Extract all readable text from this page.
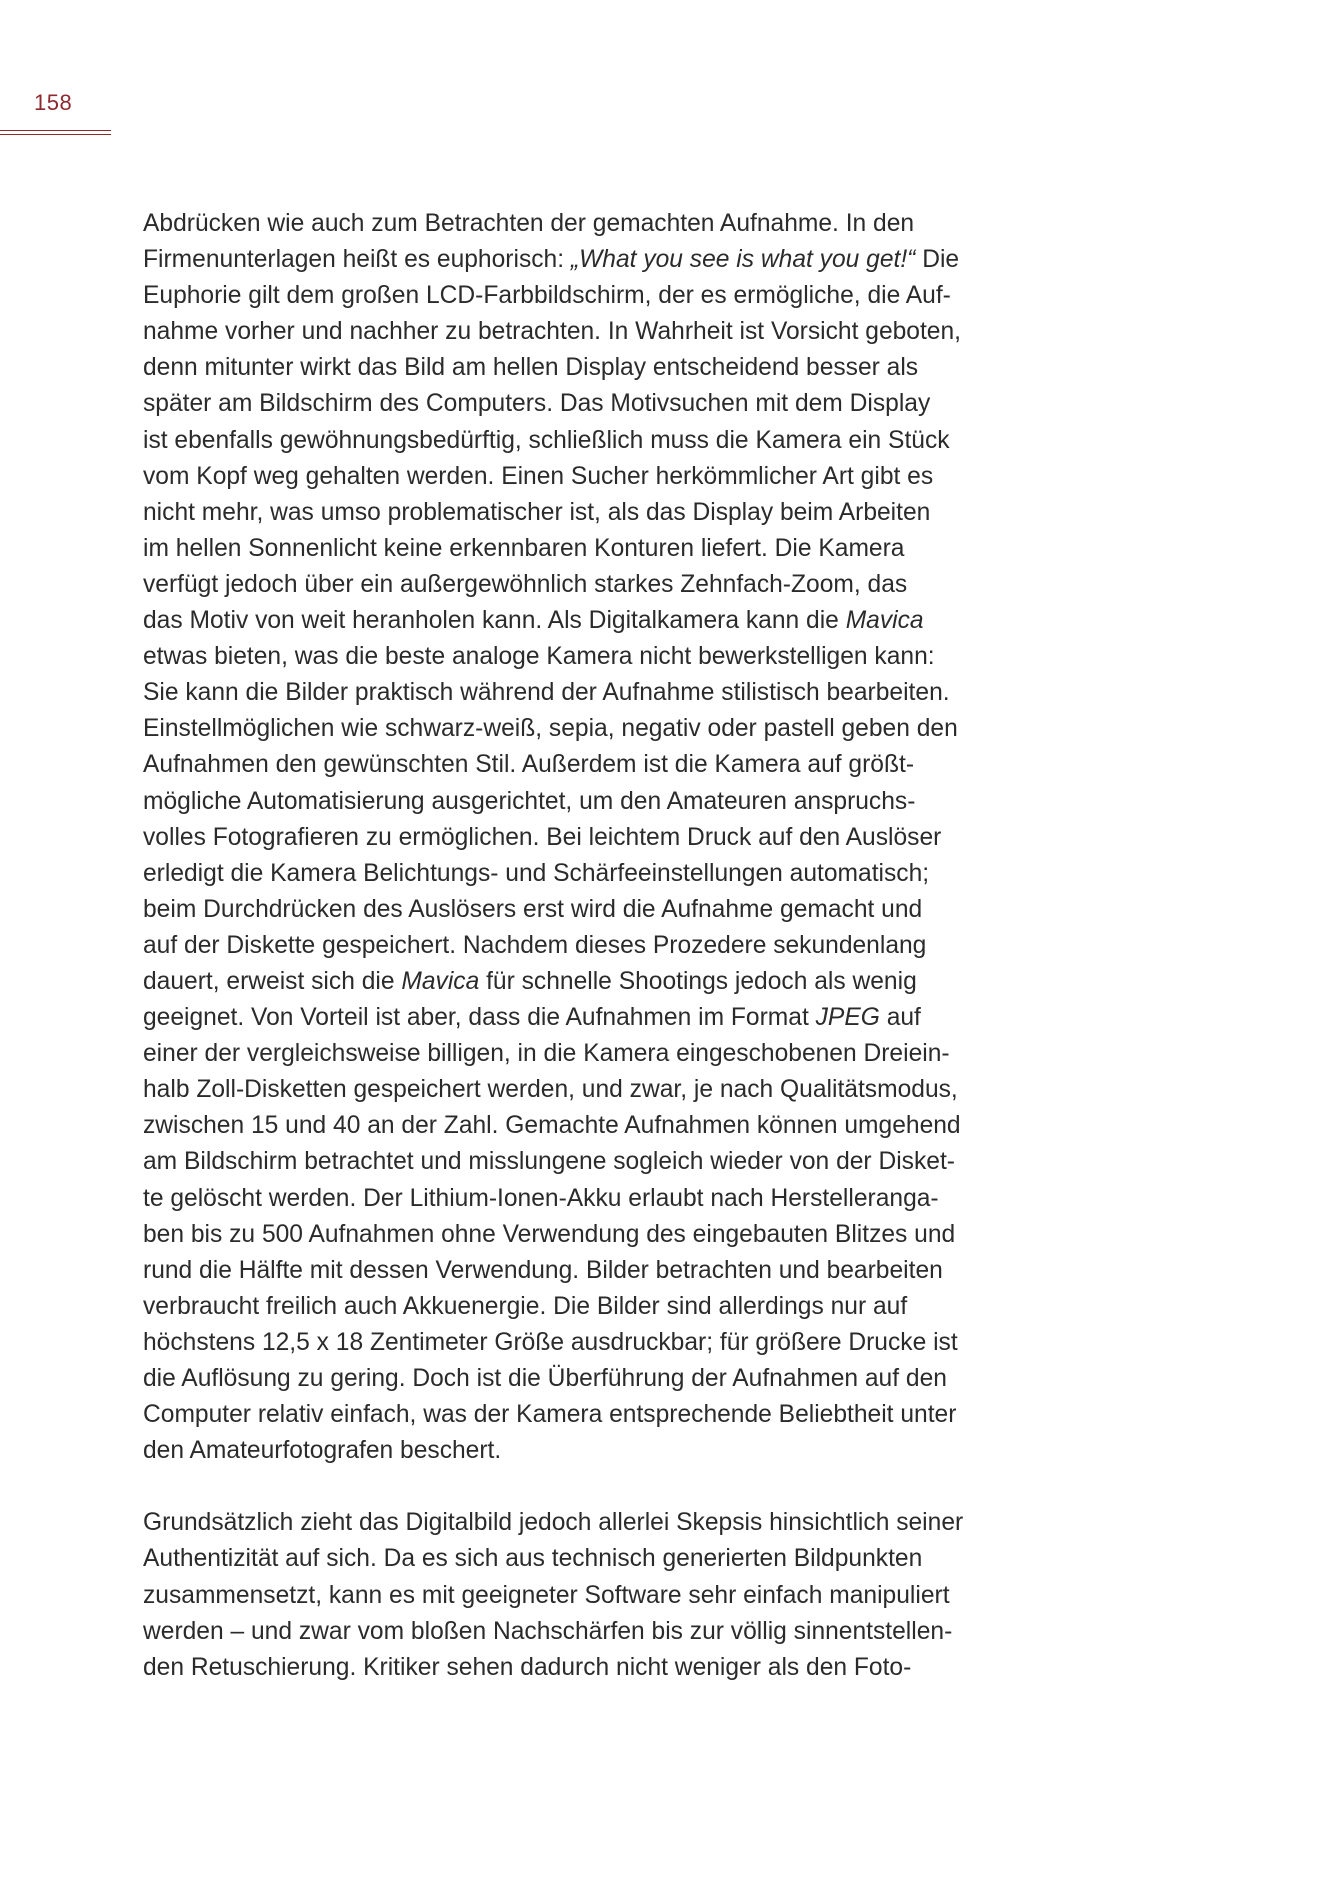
158
Abdrücken wie auch zum Betrachten der gemachten Aufnahme. In den
Firmenunterlagen heißt es euphorisch: „What you see is what you get!“ Die
Euphorie gilt dem großen LCD-Farbbildschirm, der es ermögliche, die Auf-
nahme vorher und nachher zu betrachten. In Wahrheit ist Vorsicht geboten,
denn mitunter wirkt das Bild am hellen Display entscheidend besser als
später am Bildschirm des Computers. Das Motivsuchen mit dem Display
ist ebenfalls gewöhnungsbedürftig, schließlich muss die Kamera ein Stück
vom Kopf weg gehalten werden. Einen Sucher herkömmlicher Art gibt es
nicht mehr, was umso problematischer ist, als das Display beim Arbeiten
im hellen Sonnenlicht keine erkennbaren Konturen liefert. Die Kamera
verfügt jedoch über ein außergewöhnlich starkes Zehnfach-Zoom, das
das Motiv von weit heranholen kann. Als Digitalkamera kann die Mavica
etwas bieten, was die beste analoge Kamera nicht bewerkstelligen kann:
Sie kann die Bilder praktisch während der Aufnahme stilistisch bearbeiten.
Einstellmöglichen wie schwarz-weiß, sepia, negativ oder pastell geben den
Aufnahmen den gewünschten Stil. Außerdem ist die Kamera auf größt-
mögliche Automatisierung ausgerichtet, um den Amateuren anspruchs-
volles Fotografieren zu ermöglichen. Bei leichtem Druck auf den Auslöser
erledigt die Kamera Belichtungs- und Schärfeeinstellungen automatisch;
beim Durchdrücken des Auslösers erst wird die Aufnahme gemacht und
auf der Diskette gespeichert. Nachdem dieses Prozedere sekundenlang
dauert, erweist sich die Mavica für schnelle Shootings jedoch als wenig
geeignet. Von Vorteil ist aber, dass die Aufnahmen im Format JPEG auf
einer der vergleichsweise billigen, in die Kamera eingeschobenen Dreiein-
halb Zoll-Disketten gespeichert werden, und zwar, je nach Qualitätsmodus,
zwischen 15 und 40 an der Zahl. Gemachte Aufnahmen können umgehend
am Bildschirm betrachtet und misslungene sogleich wieder von der Disket-
te gelöscht werden. Der Lithium-Ionen-Akku erlaubt nach Herstelleranga-
ben bis zu 500 Aufnahmen ohne Verwendung des eingebauten Blitzes und
rund die Hälfte mit dessen Verwendung. Bilder betrachten und bearbeiten
verbraucht freilich auch Akkuenergie. Die Bilder sind allerdings nur auf
höchstens 12,5 x 18 Zentimeter Größe ausdruckbar; für größere Drucke ist
die Auflösung zu gering. Doch ist die Überführung der Aufnahmen auf den
Computer relativ einfach, was der Kamera entsprechende Beliebtheit unter
den Amateurfotografen beschert.
Grundsätzlich zieht das Digitalbild jedoch allerlei Skepsis hinsichtlich seiner
Authentizität auf sich. Da es sich aus technisch generierten Bildpunkten
zusammensetzt, kann es mit geeigneter Software sehr einfach manipuliert
werden – und zwar vom bloßen Nachschärfen bis zur völlig sinnentstellen-
den Retuschierung. Kritiker sehen dadurch nicht weniger als den Foto-
